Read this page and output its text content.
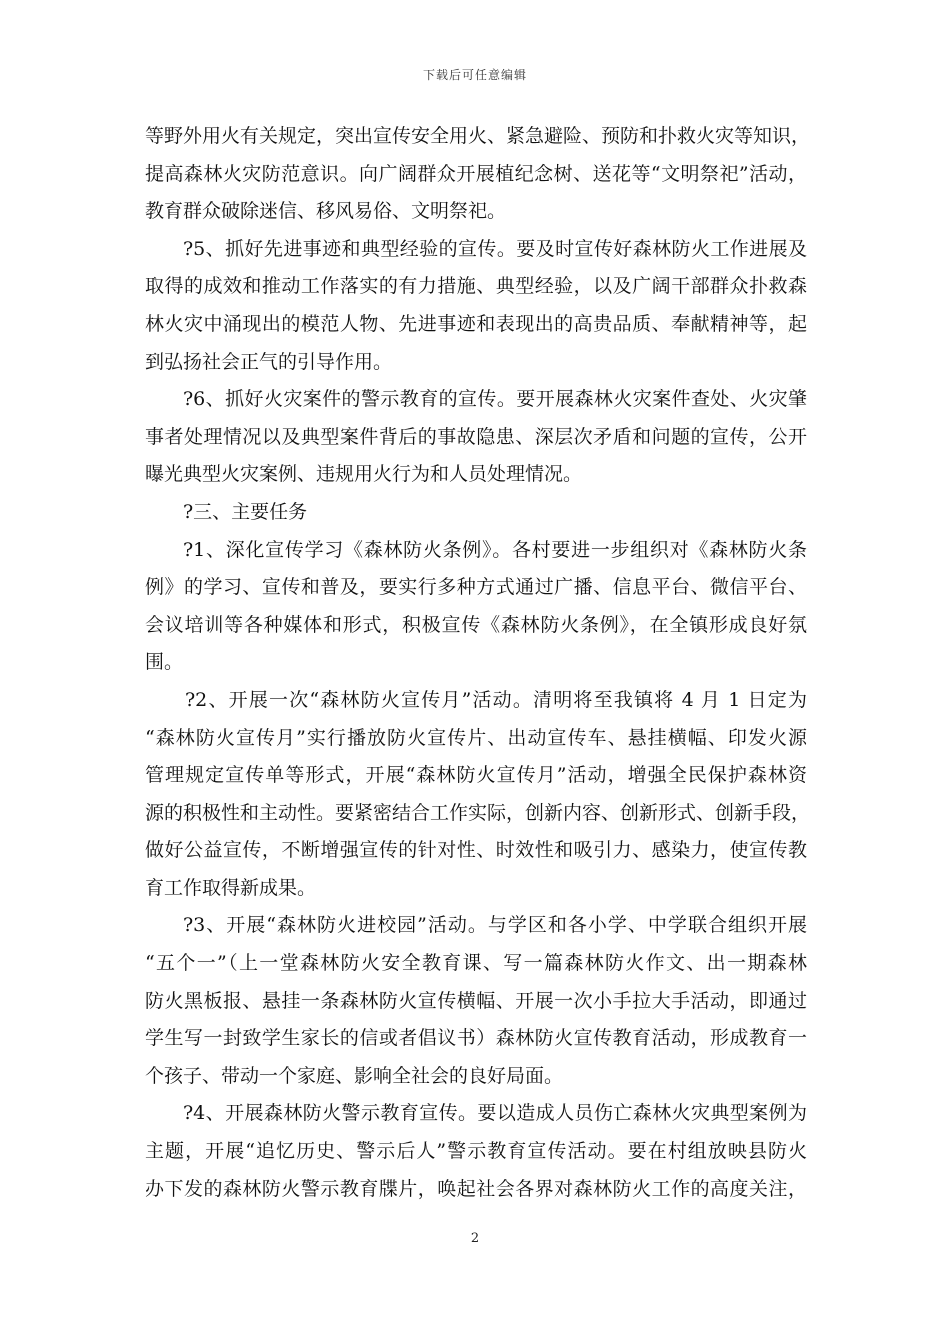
下载后可任意编辑
等野外用火有关规定，突出宣传安全用火、紧急避险、预防和扑救火灾等知识，
提高森林火灾防范意识。向广阔群众开展植纪念树、送花等“文明祭祀”活动，
教育群众破除迷信、移风易俗、文明祭祀。
?5、抓好先进事迹和典型经验的宣传。要及时宣传好森林防火工作进展及
取得的成效和推动工作落实的有力措施、典型经验，以及广阔干部群众扑救森
林火灾中涌现出的模范人物、先进事迹和表现出的高贵品质、奉献精神等，起
到弘扬社会正气的引导作用。
?6、抓好火灾案件的警示教育的宣传。要开展森林火灾案件查处、火灾肇
事者处理情况以及典型案件背后的事故隐患、深层次矛盾和问题的宣传，公开
曝光典型火灾案例、违规用火行为和人员处理情况。
?三、主要任务
?1、深化宣传学习《森林防火条例》。各村要进一步组织对《森林防火条
例》的学习、宣传和普及，要实行多种方式通过广播、信息平台、微信平台、
会议培训等各种媒体和形式，积极宣传《森林防火条例》，在全镇形成良好氛
围。
?2、开展一次“森林防火宣传月”活动。清明将至我镇将 4 月 1 日定为
“森林防火宣传月”实行播放防火宣传片、出动宣传车、悬挂横幅、印发火源
管理规定宣传单等形式，开展“森林防火宣传月”活动，增强全民保护森林资
源的积极性和主动性。要紧密结合工作实际，创新内容、创新形式、创新手段，
做好公益宣传，不断增强宣传的针对性、时效性和吸引力、感染力，使宣传教
育工作取得新成果。
?3、开展“森林防火进校园”活动。与学区和各小学、中学联合组织开展
“五个一”（上一堂森林防火安全教育课、写一篇森林防火作文、出一期森林
防火黑板报、悬挂一条森林防火宣传横幅、开展一次小手拉大手活动，即通过
学生写一封致学生家长的信或者倡议书）森林防火宣传教育活动，形成教育一
个孩子、带动一个家庭、影响全社会的良好局面。
?4、开展森林防火警示教育宣传。要以造成人员伤亡森林火灾典型案例为
主题，开展“追忆历史、警示后人”警示教育宣传活动。要在村组放映县防火
办下发的森林防火警示教育牒片，唤起社会各界对森林防火工作的高度关注，
2
